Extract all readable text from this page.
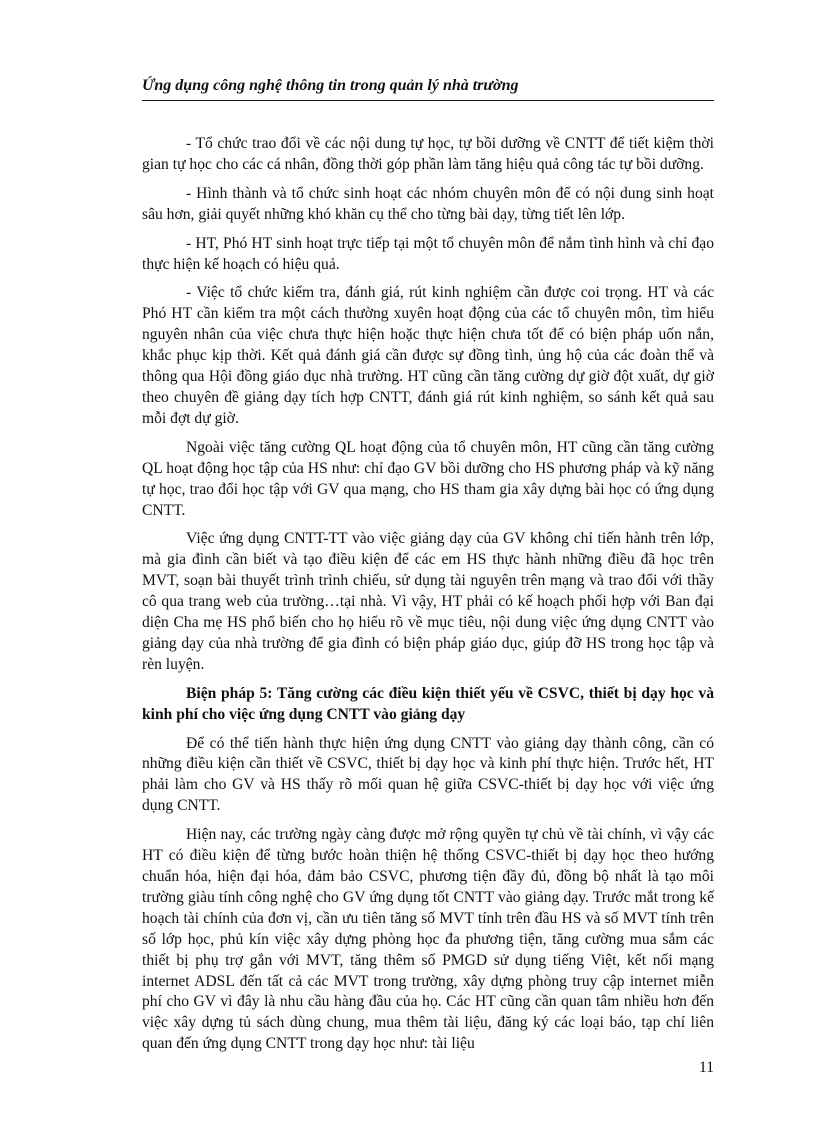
Ứng dụng công nghệ thông tin trong quản lý nhà trường

- Tổ chức trao đổi về các nội dung tự học, tự bồi dưỡng về CNTT để tiết kiệm thời gian tự học cho các cá nhân, đồng thời góp phần làm tăng hiệu quả công tác tự bồi dưỡng.

- Hình thành và tổ chức sinh hoạt các nhóm chuyên môn để có nội dung sinh hoạt sâu hơn, giải quyết những khó khăn cụ thể cho từng bài dạy, từng tiết lên lớp.

- HT, Phó HT sinh hoạt trực tiếp tại một tổ chuyên môn để nắm tình hình và chỉ đạo thực hiện kế hoạch có hiệu quả.

- Việc tổ chức kiểm tra, đánh giá, rút kinh nghiệm cần được coi trọng. HT và các Phó HT cần kiểm tra một cách thường xuyên hoạt động của các tổ chuyên môn, tìm hiểu nguyên nhân của việc chưa thực hiện hoặc thực hiện chưa tốt để có biện pháp uốn nắn, khắc phục kịp thời. Kết quả đánh giá cần được sự đồng tình, ủng hộ của các đoàn thể và thông qua Hội đồng giáo dục nhà trường. HT cũng cần tăng cường dự giờ đột xuất, dự giờ theo chuyên đề giảng dạy tích hợp CNTT, đánh giá rút kinh nghiệm, so sánh kết quả sau mỗi đợt dự giờ.

Ngoài việc tăng cường QL hoạt động của tổ chuyên môn, HT cũng cần tăng cường QL hoạt động học tập của HS như: chỉ đạo GV bồi dưỡng cho HS phương pháp và kỹ năng tự học, trao đổi học tập với GV qua mạng, cho HS tham gia xây dựng bài học có ứng dụng CNTT.

Việc ứng dụng CNTT-TT vào việc giảng dạy của GV không chỉ tiến hành trên lớp, mà gia đình cần biết và tạo điều kiện để các em HS thực hành những điều đã học trên MVT, soạn bài thuyết trình trình chiếu, sử dụng tài nguyên trên mạng và trao đổi với thầy cô qua trang web của trường…tại nhà. Vì vậy, HT phải có kế hoạch phối hợp với Ban đại diện Cha mẹ HS phổ biến cho họ hiểu rõ về mục tiêu, nội dung việc ứng dụng CNTT vào giảng dạy của nhà trường để gia đình có biện pháp giáo dục, giúp đỡ HS trong học tập và rèn luyện.

Biện pháp 5: Tăng cường các điều kiện thiết yếu về CSVC, thiết bị dạy học và kinh phí cho việc ứng dụng CNTT vào giảng dạy

Để có thể tiến hành thực hiện ứng dụng CNTT vào giảng dạy thành công, cần có những điều kiện cần thiết về CSVC, thiết bị dạy học và kinh phí thực hiện. Trước hết, HT phải làm cho GV và HS thấy rõ mối quan hệ giữa CSVC-thiết bị dạy học với việc ứng dụng CNTT.

Hiện nay, các trường ngày càng được mở rộng quyền tự chủ về tài chính, vì vậy các HT có điều kiện để từng bước hoàn thiện hệ thống CSVC-thiết bị dạy học theo hướng chuẩn hóa, hiện đại hóa, đảm bảo CSVC, phương tiện đầy đủ, đồng bộ nhất là tạo môi trường giàu tính công nghệ cho GV ứng dụng tốt CNTT vào giảng dạy. Trước mắt trong kế hoạch tài chính của đơn vị, cần ưu tiên tăng số MVT tính trên đầu HS và số MVT tính trên số lớp học, phủ kín việc xây dựng phòng học đa phương tiện, tăng cường mua sắm các thiết bị phụ trợ gắn với MVT, tăng thêm số PMGD sử dụng tiếng Việt, kết nối mạng internet ADSL đến tất cả các MVT trong trường, xây dựng phòng truy cập internet miễn phí cho GV vì đây là nhu cầu hàng đầu của họ. Các HT cũng cần quan tâm nhiều hơn đến việc xây dựng tủ sách dùng chung, mua thêm tài liệu, đăng ký các loại báo, tạp chí liên quan đến ứng dụng CNTT trong dạy học như: tài liệu

11
